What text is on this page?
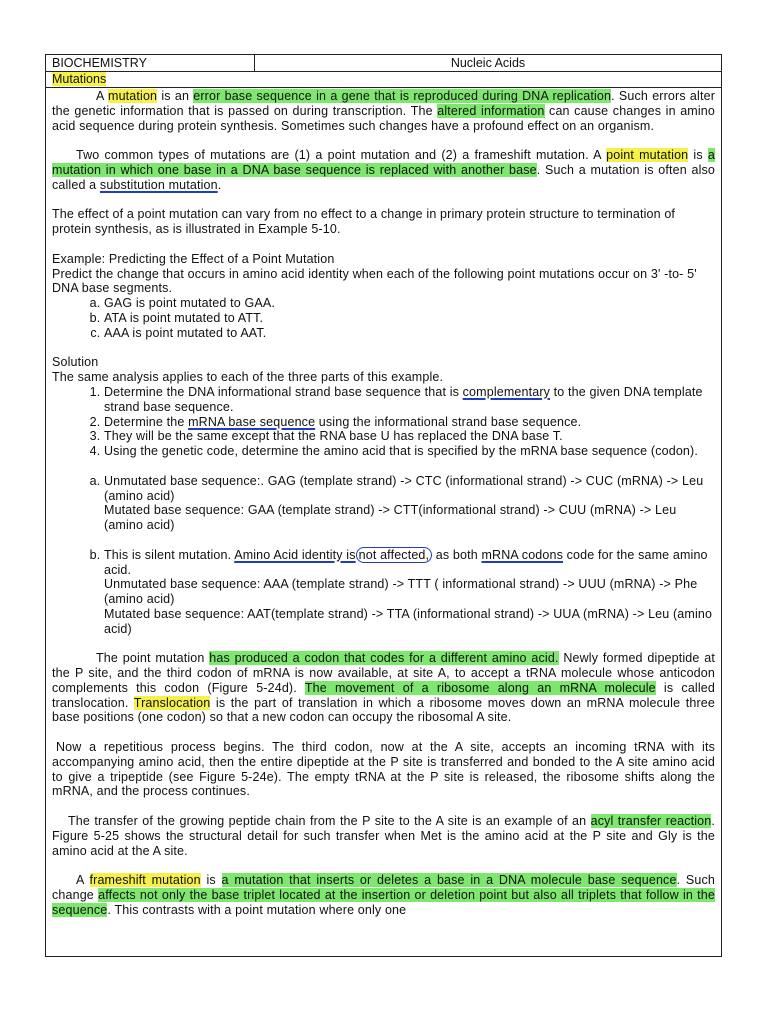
BIOCHEMISTRY	Nucleic Acids
Mutations

A mutation is an error base sequence in a gene that is reproduced during DNA replication. Such errors alter the genetic information that is passed on during transcription. The altered information can cause changes in amino acid sequence during protein synthesis. Sometimes such changes have a profound effect on an organism.

Two common types of mutations are (1) a point mutation and (2) a frameshift mutation. A point mutation is a mutation in which one base in a DNA base sequence is replaced with another base. Such a mutation is often also called a substitution mutation.

The effect of a point mutation can vary from no effect to a change in primary protein structure to termination of protein synthesis, as is illustrated in Example 5-10.

Example: Predicting the Effect of a Point Mutation

Predict the change that occurs in amino acid identity when each of the following point mutations occur on 3' -to- 5' DNA base segments.

a. GAG is point mutated to GAA.
b. ATA is point mutated to ATT.
c. AAA is point mutated to AAT.

Solution

The same analysis applies to each of the three parts of this example.

1. Determine the DNA informational strand base sequence that is complementary to the given DNA template strand base sequence.
2. Determine the mRNA base sequence using the informational strand base sequence.
3. They will be the same except that the RNA base U has replaced the DNA base T.
4. Using the genetic code, determine the amino acid that is specified by the mRNA base sequence (codon).
a. Unmutated base sequence:. GAG (template strand) -> CTC (informational strand) -> CUC (mRNA) -> Leu (amino acid)
Mutated base sequence: GAA (template strand) -> CTT(informational strand) -> CUU (mRNA) -> Leu (amino acid)
b. This is silent mutation. Amino Acid identity is not affected, as both mRNA codons code for the same amino acid.
Unmutated base sequence: AAA (template strand) -> TTT ( informational strand) -> UUU (mRNA) -> Phe (amino acid)
Mutated base sequence: AAT(template strand) -> TTA (informational strand) -> UUA (mRNA) -> Leu (amino acid)

The point mutation has produced a codon that codes for a different amino acid. Newly formed dipeptide at the P site, and the third codon of mRNA is now available, at site A, to accept a tRNA molecule whose anticodon complements this codon (Figure 5-24d). The movement of a ribosome along an mRNA molecule is called translocation. Translocation is the part of translation in which a ribosome moves down an mRNA molecule three base positions (one codon) so that a new codon can occupy the ribosomal A site.

Now a repetitious process begins. The third codon, now at the A site, accepts an incoming tRNA with its accompanying amino acid, then the entire dipeptide at the P site is transferred and bonded to the A site amino acid to give a tripeptide (see Figure 5-24e). The empty tRNA at the P site is released, the ribosome shifts along the mRNA, and the process continues.

The transfer of the growing peptide chain from the P site to the A site is an example of an acyl transfer reaction. Figure 5-25 shows the structural detail for such transfer when Met is the amino acid at the P site and Gly is the amino acid at the A site.

A frameshift mutation is a mutation that inserts or deletes a base in a DNA molecule base sequence. Such change affects not only the base triplet located at the insertion or deletion point but also all triplets that follow in the sequence. This contrasts with a point mutation where only one
